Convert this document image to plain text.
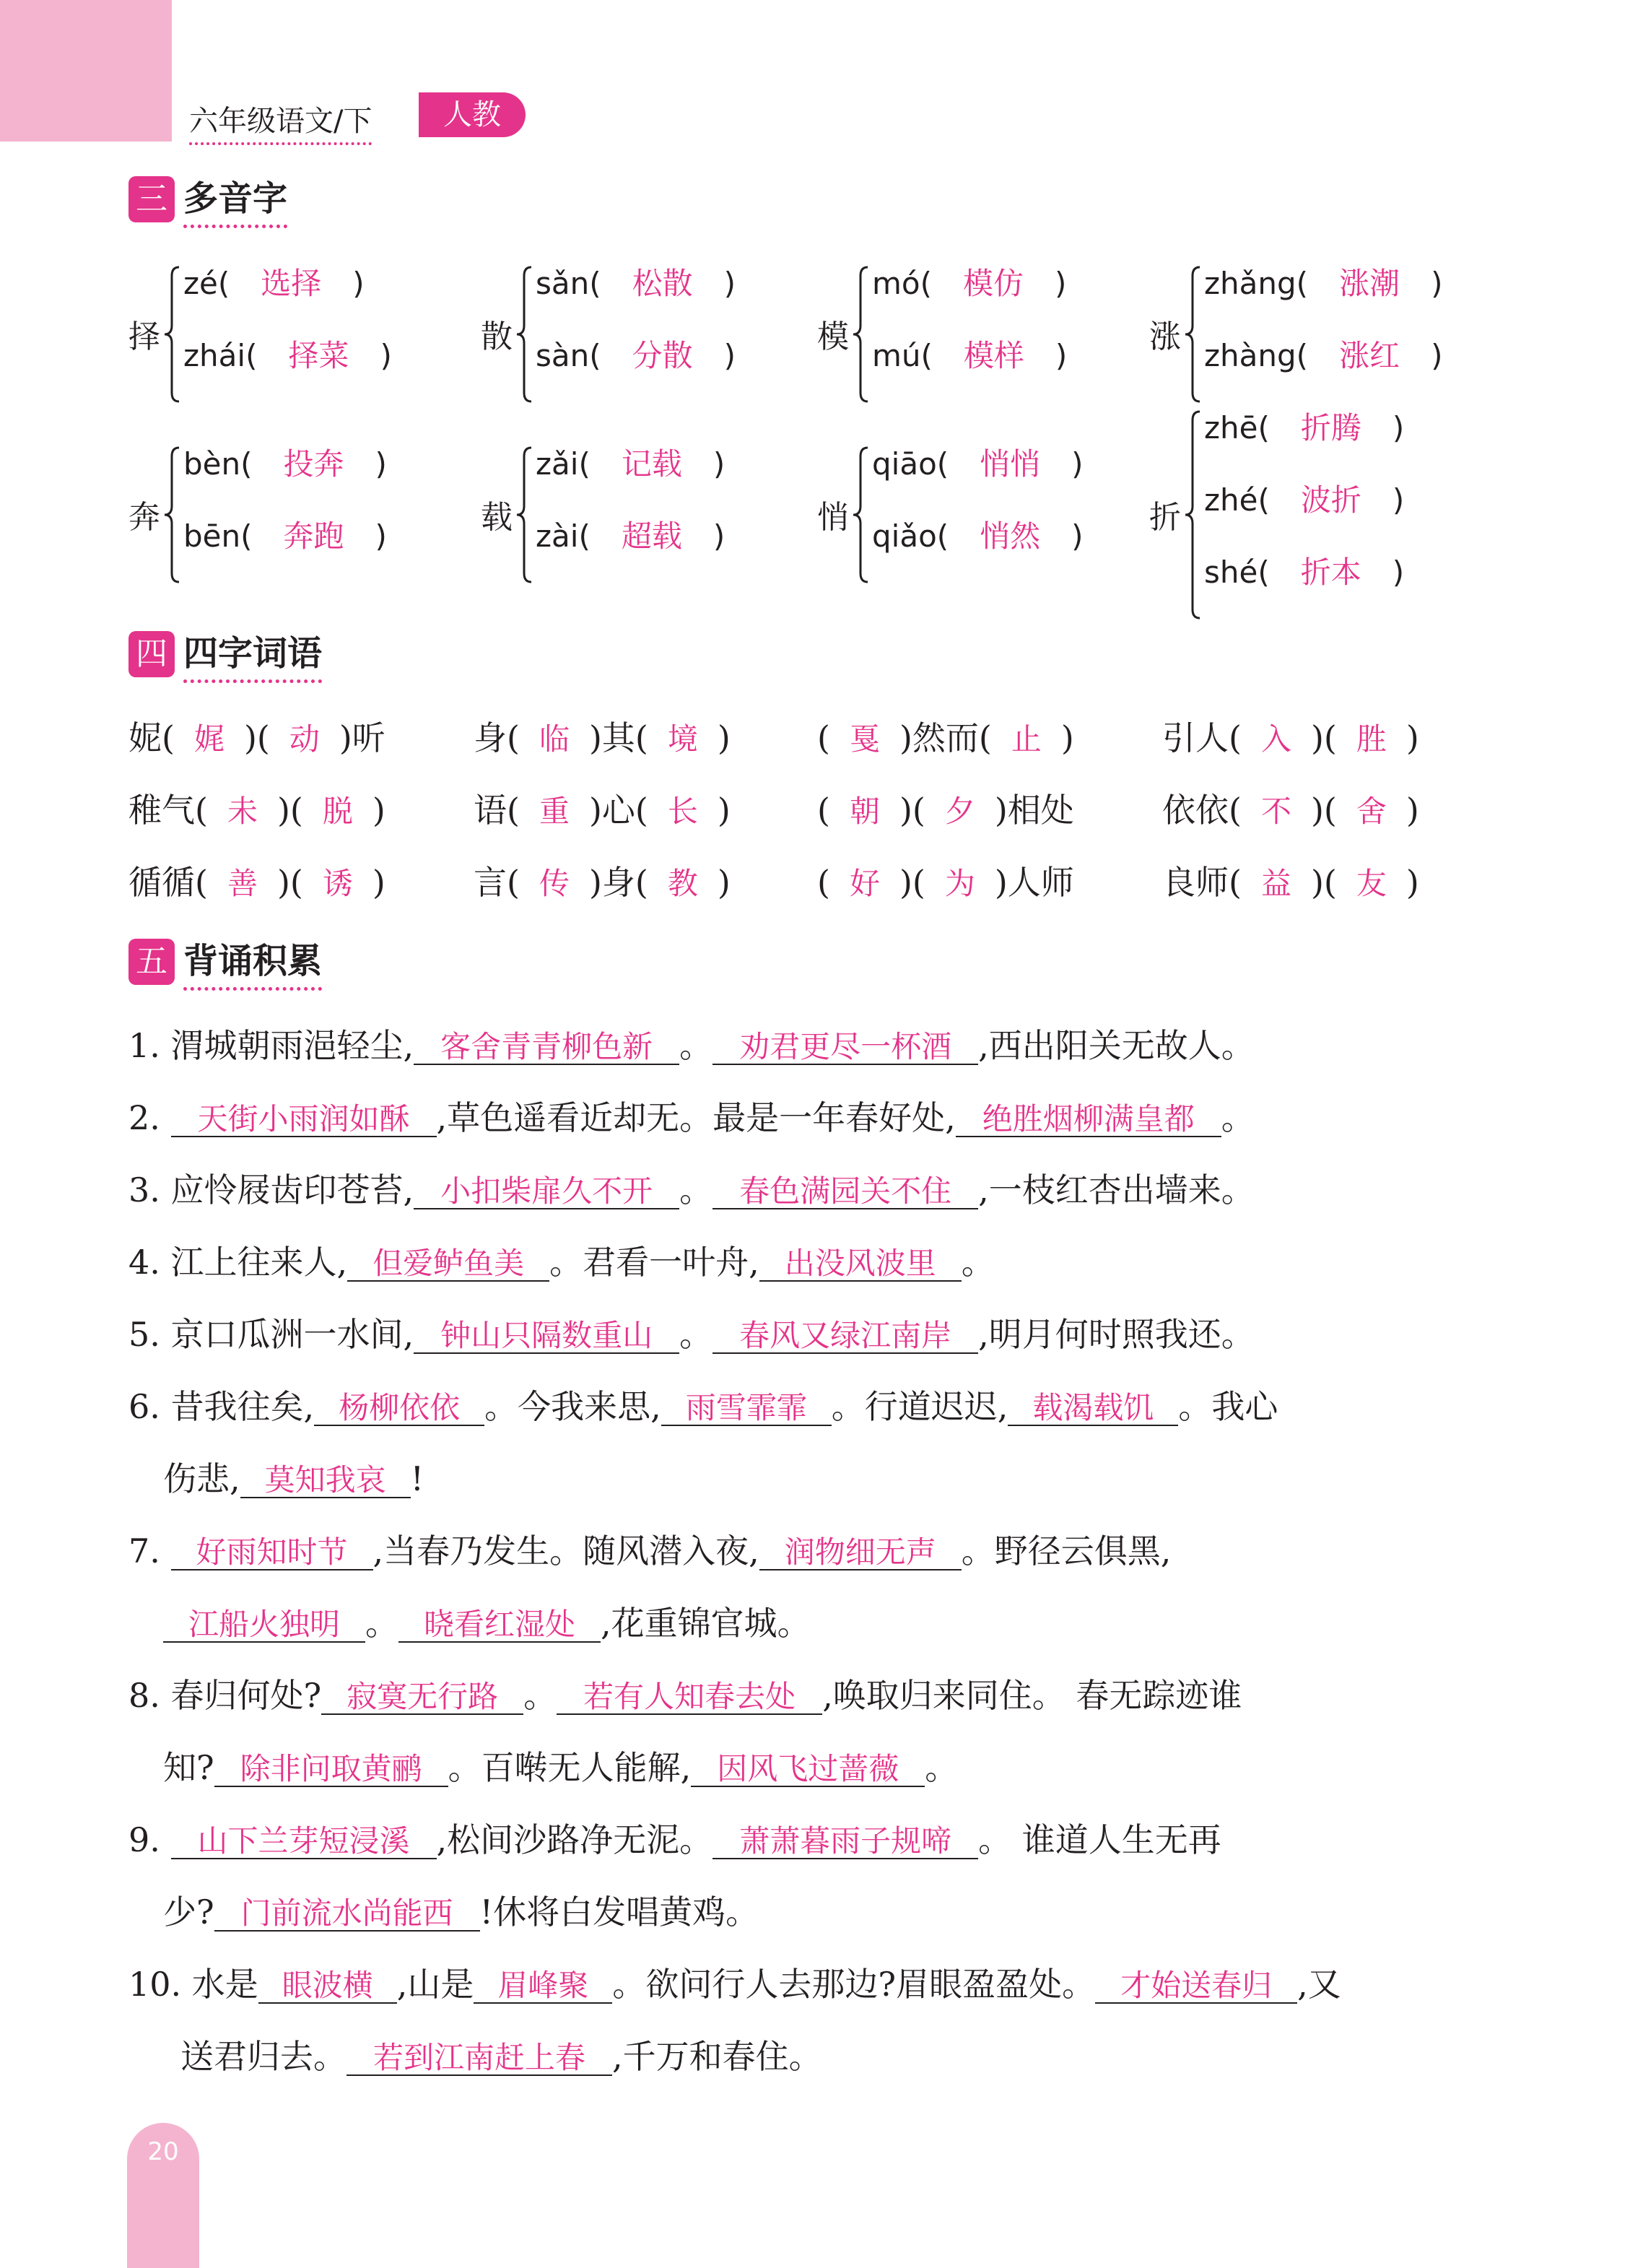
六年级语文/下	人教
三 多音字
择
zé( 选择 )
zhái( 择菜 )
散
sǎn( 松散 )
sàn( 分散 )
模
mó( 模仿 )
mú( 模样 )
涨
zhǎng( 涨潮 )
zhàng( 涨红 )
奔
bèn( 投奔 )
bēn( 奔跑 )
载
zǎi( 记载 )
zài( 超载 )
悄
qiāo( 悄悄 )
qiǎo( 悄然 )
折
zhē( 折腾 )
zhé( 波折 )
shé( 折本 )
四 四字词语
妮( 娓 )( 动 )听	身( 临 )其( 境 )	( 戛 )然而( 止 )	引人( 入 )( 胜 )
稚气( 未 )( 脱 )	语( 重 )心( 长 )	( 朝 )( 夕 )相处	依依( 不 )( 舍 )
循循( 善 )( 诱 )	言( 传 )身( 教 )	( 好 )( 为 )人师	良师( 益 )( 友 )
五 背诵积累
1. 渭城朝雨浥轻尘, 客舍青青柳色新 。 劝君更尽一杯酒 ,西出阳关无故人。
2. 天街小雨润如酥 ,草色遥看近却无。最是一年春好处, 绝胜烟柳满皇都 。
3. 应怜屐齿印苍苔, 小扣柴扉久不开 。 春色满园关不住 ,一枝红杏出墙来。
4. 江上往来人, 但爱鲈鱼美 。君看一叶舟, 出没风波里 。
5. 京口瓜洲一水间, 钟山只隔数重山 。 春风又绿江南岸 ,明月何时照我还。
6. 昔我往矣, 杨柳依依 。今我来思, 雨雪霏霏 。行道迟迟, 载渴载饥 。我心
伤悲, 莫知我哀 !
7. 好雨知时节 ,当春乃发生。随风潜入夜, 润物细无声 。野径云俱黑,
江船火独明 。 晓看红湿处 ,花重锦官城。
8. 春归何处? 寂寞无行路 。 若有人知春去处 ,唤取归来同住。 春无踪迹谁
知? 除非问取黄鹂 。百啭无人能解, 因风飞过蔷薇 。
9. 山下兰芽短浸溪 ,松间沙路净无泥。 萧萧暮雨子规啼 。 谁道人生无再
少? 门前流水尚能西 !休将白发唱黄鸡。
10. 水是 眼波横 ,山是 眉峰聚 。欲问行人去那边?眉眼盈盈处。 才始送春归 ,又
送君归去。 若到江南赶上春 ,千万和春住。
20
